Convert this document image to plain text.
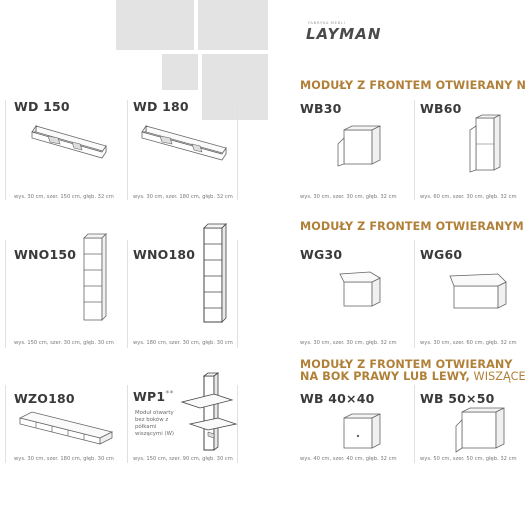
FABRYKA MEBLI
LAYMAN
MODUŁY Z FRONTEM OTWIERANY N
MODUŁY Z FRONTEM OTWIERANYM
MODUŁY Z FRONTEM OTWIERANY
NA BOK PRAWY LUB LEWY, WISZĄCE
WD 150
wys. 30 cm, szer. 150 cm, głęb. 32 cm
WD 180
wys. 30 cm, szer. 180 cm, głęb. 32 cm
WB30
wys. 30 cm, szer. 30 cm, głęb. 32 cm
WB60
wys. 60 cm, szer. 30 cm, głęb. 32 cm
WNO150
wys. 150 cm, szer. 30 cm, głęb. 30 cm
WNO180
wys. 180 cm, szer. 30 cm, głęb. 30 cm
WG30
wys. 30 cm, szer. 30 cm, głęb. 32 cm
WG60
wys. 30 cm, szer. 60 cm, głęb. 32 cm
WZO180
wys. 30 cm, szer. 180 cm, głęb. 30 cm
WP1**
Moduł otwarty bez boków z półkami wiszącymi (W)
wys. 150 cm, szer. 90 cm, głęb. 30 cm
WB 40×40
wys. 40 cm, szer. 40 cm, głęb. 32 cm
WB 50×50
wys. 50 cm, szer. 50 cm, głęb. 32 cm
